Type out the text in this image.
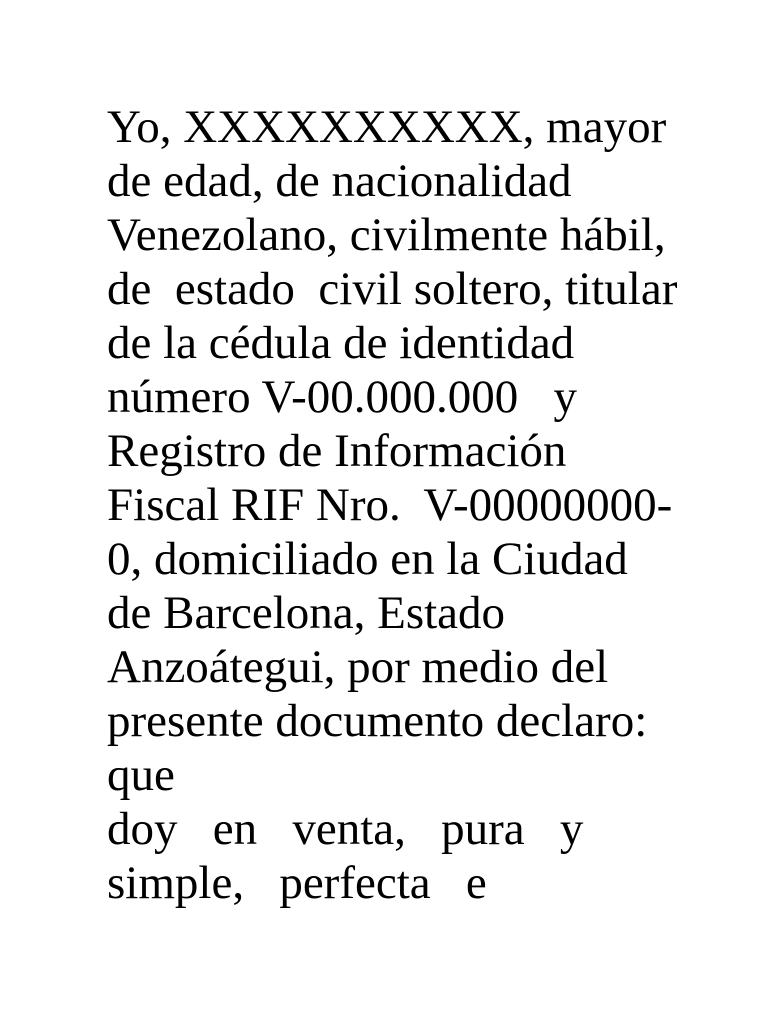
Yo, XXXXXXXXXX, mayor
de edad, de nacionalidad
Venezolano, civilmente hábil,
de  estado  civil soltero, titular
de la cédula de identidad
número V-00.000.000   y
Registro de Información
Fiscal RIF Nro.  V-00000000-
0, domiciliado en la Ciudad
de Barcelona, Estado
Anzoátegui, por medio del
presente documento declaro:
que
doy   en   venta,   pura   y
simple,   perfecta   e
